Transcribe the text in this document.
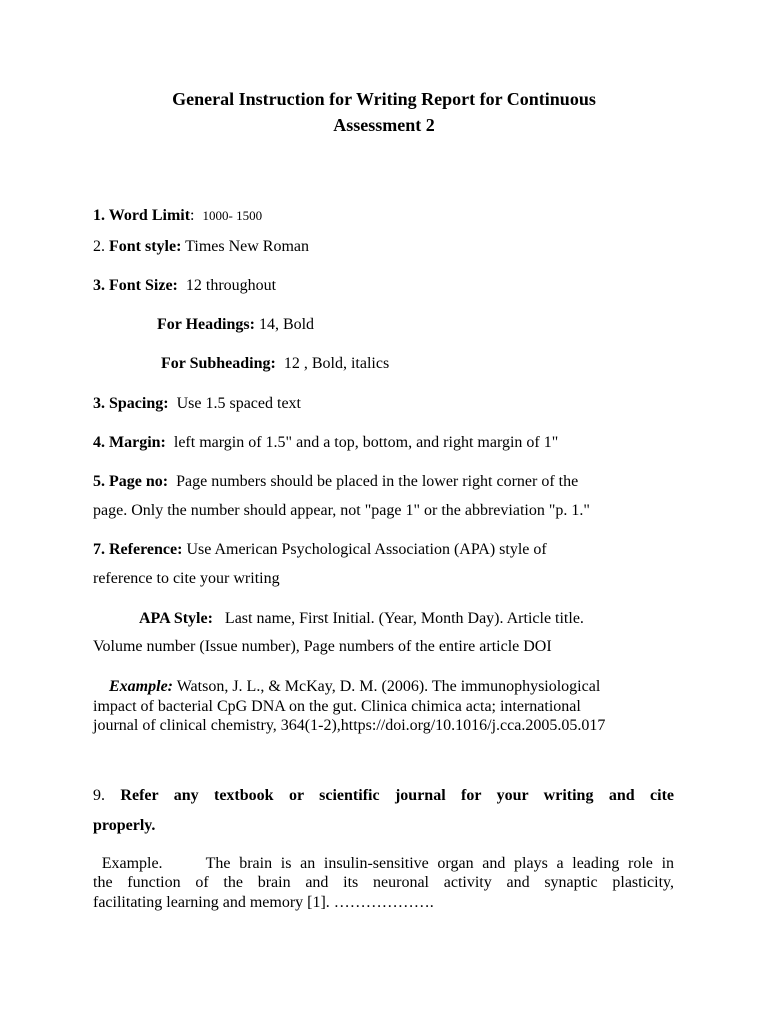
General Instruction for Writing Report for Continuous
Assessment 2
1. Word Limit: 1000- 1500
2. Font style: Times New Roman
3. Font Size: 12 throughout
For Headings: 14, Bold
For Subheading: 12 , Bold, italics
3. Spacing: Use 1.5 spaced text
4. Margin: left margin of 1.5" and a top, bottom, and right margin of 1"
5. Page no: Page numbers should be placed in the lower right corner of the
page. Only the number should appear, not "page 1" or the abbreviation "p. 1."
7. Reference: Use American Psychological Association (APA) style of
reference to cite your writing
APA Style: Last name, First Initial. (Year, Month Day). Article title.
Volume number (Issue number), Page numbers of the entire article DOI
Example: Watson, J. L., & McKay, D. M. (2006). The immunophysiological
impact of bacterial CpG DNA on the gut. Clinica chimica acta; international
journal of clinical chemistry, 364(1-2),https://doi.org/10.1016/j.cca.2005.05.017
9. Refer any textbook or scientific journal for your writing and cite
properly.
Example.	The brain is an insulin-sensitive organ and plays a leading role in
the function of the brain and its neuronal activity and synaptic plasticity,
facilitating learning and memory [1]. ……………….
